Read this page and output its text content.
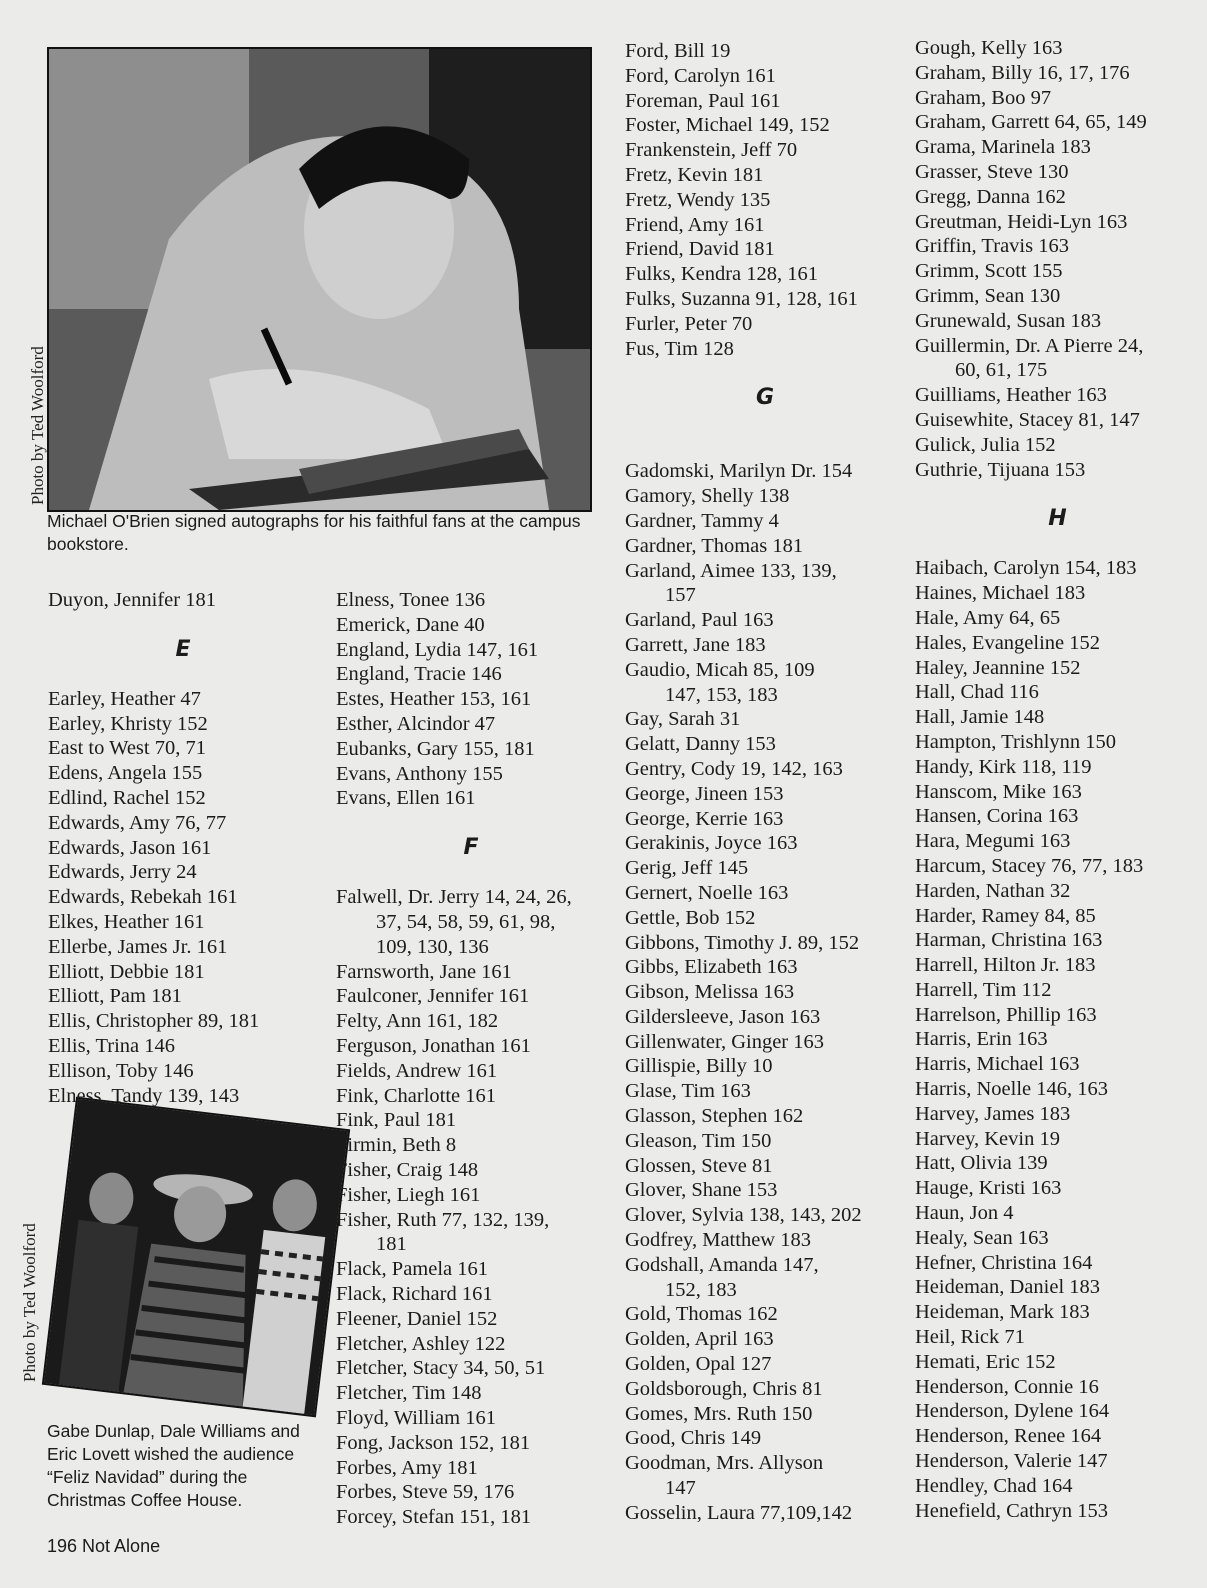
Photo by Ted Woolford
Michael O'Brien signed autographs for his faithful fans at the campus bookstore.
Photo by Ted Woolford
Gabe Dunlap, Dale Williams and Eric Lovett wished the audience “Feliz Navidad” during the Christmas Coffee House.
Duyon, Jennifer 181
E
Earley, Heather 47
Earley, Khristy 152
East to West 70, 71
Edens, Angela 155
Edlind, Rachel 152
Edwards, Amy 76, 77
Edwards, Jason 161
Edwards, Jerry 24
Edwards, Rebekah 161
Elkes, Heather 161
Ellerbe, James Jr. 161
Elliott, Debbie 181
Elliott, Pam 181
Ellis, Christopher 89, 181
Ellis, Trina 146
Ellison, Toby 146
Elness, Tandy 139, 143
Elness, Tonee 136
Emerick, Dane 40
England, Lydia 147, 161
England, Tracie 146
Estes, Heather 153, 161
Esther, Alcindor 47
Eubanks, Gary 155, 181
Evans, Anthony 155
Evans, Ellen 161
F
Falwell, Dr. Jerry 14, 24, 26,
37, 54, 58, 59, 61, 98,
109, 130, 136
Farnsworth, Jane 161
Faulconer, Jennifer 161
Felty, Ann 161, 182
Ferguson, Jonathan 161
Fields, Andrew 161
Fink, Charlotte 161
Fink, Paul 181
Firmin, Beth 8
Fisher, Craig 148
Fisher, Liegh 161
Fisher, Ruth 77, 132, 139,
181
Flack, Pamela 161
Flack, Richard 161
Fleener, Daniel 152
Fletcher, Ashley 122
Fletcher, Stacy 34, 50, 51
Fletcher, Tim 148
Floyd, William 161
Fong, Jackson 152, 181
Forbes, Amy 181
Forbes, Steve 59, 176
Forcey, Stefan 151, 181
Ford, Bill 19
Ford, Carolyn 161
Foreman, Paul 161
Foster, Michael 149, 152
Frankenstein, Jeff 70
Fretz, Kevin 181
Fretz, Wendy 135
Friend, Amy 161
Friend, David 181
Fulks, Kendra 128, 161
Fulks, Suzanna 91, 128, 161
Furler, Peter 70
Fus, Tim 128
G
Gadomski, Marilyn Dr. 154
Gamory, Shelly 138
Gardner, Tammy 4
Gardner, Thomas 181
Garland, Aimee 133, 139,
157
Garland, Paul 163
Garrett, Jane 183
Gaudio, Micah 85, 109
147, 153, 183
Gay, Sarah 31
Gelatt, Danny 153
Gentry, Cody 19, 142, 163
George, Jineen 153
George, Kerrie 163
Gerakinis, Joyce 163
Gerig, Jeff 145
Gernert, Noelle 163
Gettle, Bob 152
Gibbons, Timothy J. 89, 152
Gibbs, Elizabeth 163
Gibson, Melissa 163
Gildersleeve, Jason 163
Gillenwater, Ginger 163
Gillispie, Billy 10
Glase, Tim 163
Glasson, Stephen 162
Gleason, Tim 150
Glossen, Steve 81
Glover, Shane 153
Glover, Sylvia 138, 143, 202
Godfrey, Matthew 183
Godshall, Amanda 147,
152, 183
Gold, Thomas 162
Golden, April 163
Golden, Opal 127
Goldsborough, Chris 81
Gomes, Mrs. Ruth 150
Good, Chris 149
Goodman, Mrs. Allyson
147
Gosselin, Laura 77,109,142
Gough, Kelly 163
Graham, Billy 16, 17, 176
Graham, Boo 97
Graham, Garrett 64, 65, 149
Grama, Marinela 183
Grasser, Steve 130
Gregg, Danna 162
Greutman, Heidi-Lyn 163
Griffin, Travis 163
Grimm, Scott 155
Grimm, Sean 130
Grunewald, Susan 183
Guillermin, Dr. A Pierre 24,
60, 61, 175
Guilliams, Heather 163
Guisewhite, Stacey 81, 147
Gulick, Julia 152
Guthrie, Tijuana 153
H
Haibach, Carolyn 154, 183
Haines, Michael 183
Hale, Amy 64, 65
Hales, Evangeline 152
Haley, Jeannine 152
Hall, Chad 116
Hall, Jamie 148
Hampton, Trishlynn 150
Handy, Kirk 118, 119
Hanscom, Mike 163
Hansen, Corina 163
Hara, Megumi 163
Harcum, Stacey 76, 77, 183
Harden, Nathan 32
Harder, Ramey 84, 85
Harman, Christina 163
Harrell, Hilton Jr. 183
Harrell, Tim 112
Harrelson, Phillip 163
Harris, Erin 163
Harris, Michael 163
Harris, Noelle 146, 163
Harvey, James 183
Harvey, Kevin 19
Hatt, Olivia 139
Hauge, Kristi 163
Haun, Jon 4
Healy, Sean 163
Hefner, Christina 164
Heideman, Daniel 183
Heideman, Mark 183
Heil, Rick 71
Hemati, Eric 152
Henderson, Connie 16
Henderson, Dylene 164
Henderson, Renee 164
Henderson, Valerie 147
Hendley, Chad 164
Henefield, Cathryn 153
196 Not Alone
